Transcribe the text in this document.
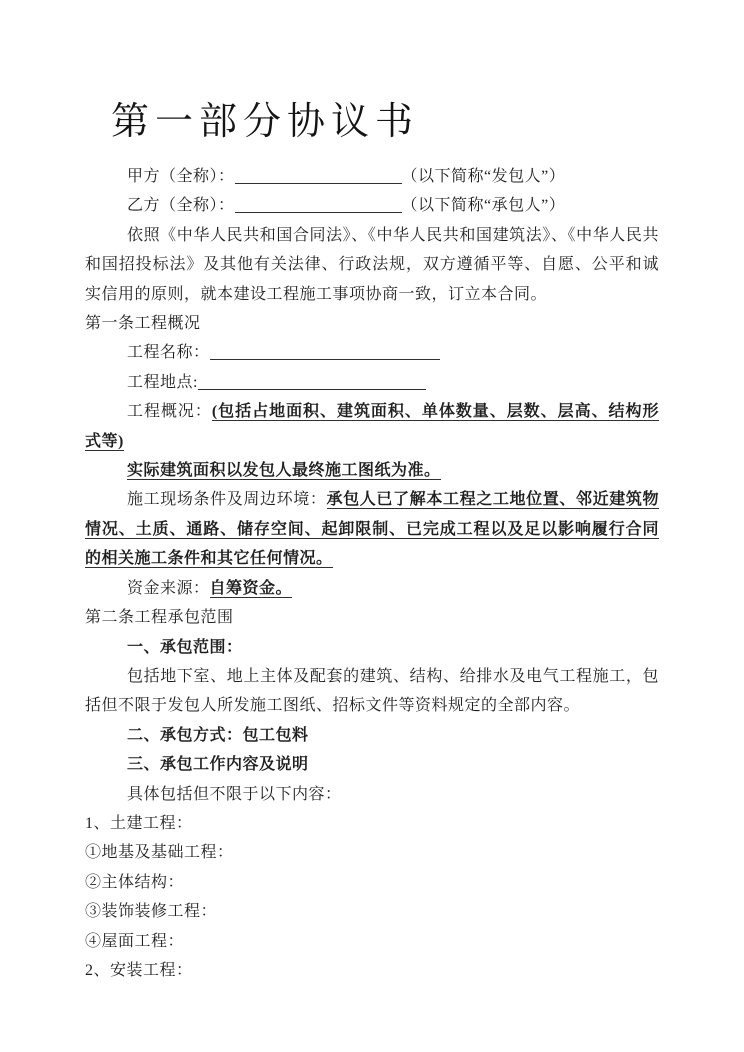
第一部分协议书

甲方（全称）：	（以下简称“发包人”）

乙方（全称）：	（以下简称“承包人”）

依照《中华人民共和国合同法》、《中华人民共和国建筑法》、《中华人民共和国招投标法》及其他有关法律、行政法规，双方遵循平等、自愿、公平和诚实信用的原则，就本建设工程施工事项协商一致，订立本合同。

第一条工程概况

工程名称：

工程地点:

工程概况：(包括占地面积、建筑面积、单体数量、层数、层高、结构形式等)

实际建筑面积以发包人最终施工图纸为准。

施工现场条件及周边环境：承包人已了解本工程之工地位置、邻近建筑物情况、土质、通路、储存空间、起卸限制、已完成工程以及足以影响履行合同的相关施工条件和其它任何情况。

资金来源：自筹资金。

第二条工程承包范围

一、承包范围：

包括地下室、地上主体及配套的建筑、结构、给排水及电气工程施工，包括但不限于发包人所发施工图纸、招标文件等资料规定的全部内容。

二、承包方式：包工包料

三、承包工作内容及说明

具体包括但不限于以下内容：

1、土建工程：

①地基及基础工程：

②主体结构：

③装饰装修工程：

④屋面工程：

2、安装工程：
